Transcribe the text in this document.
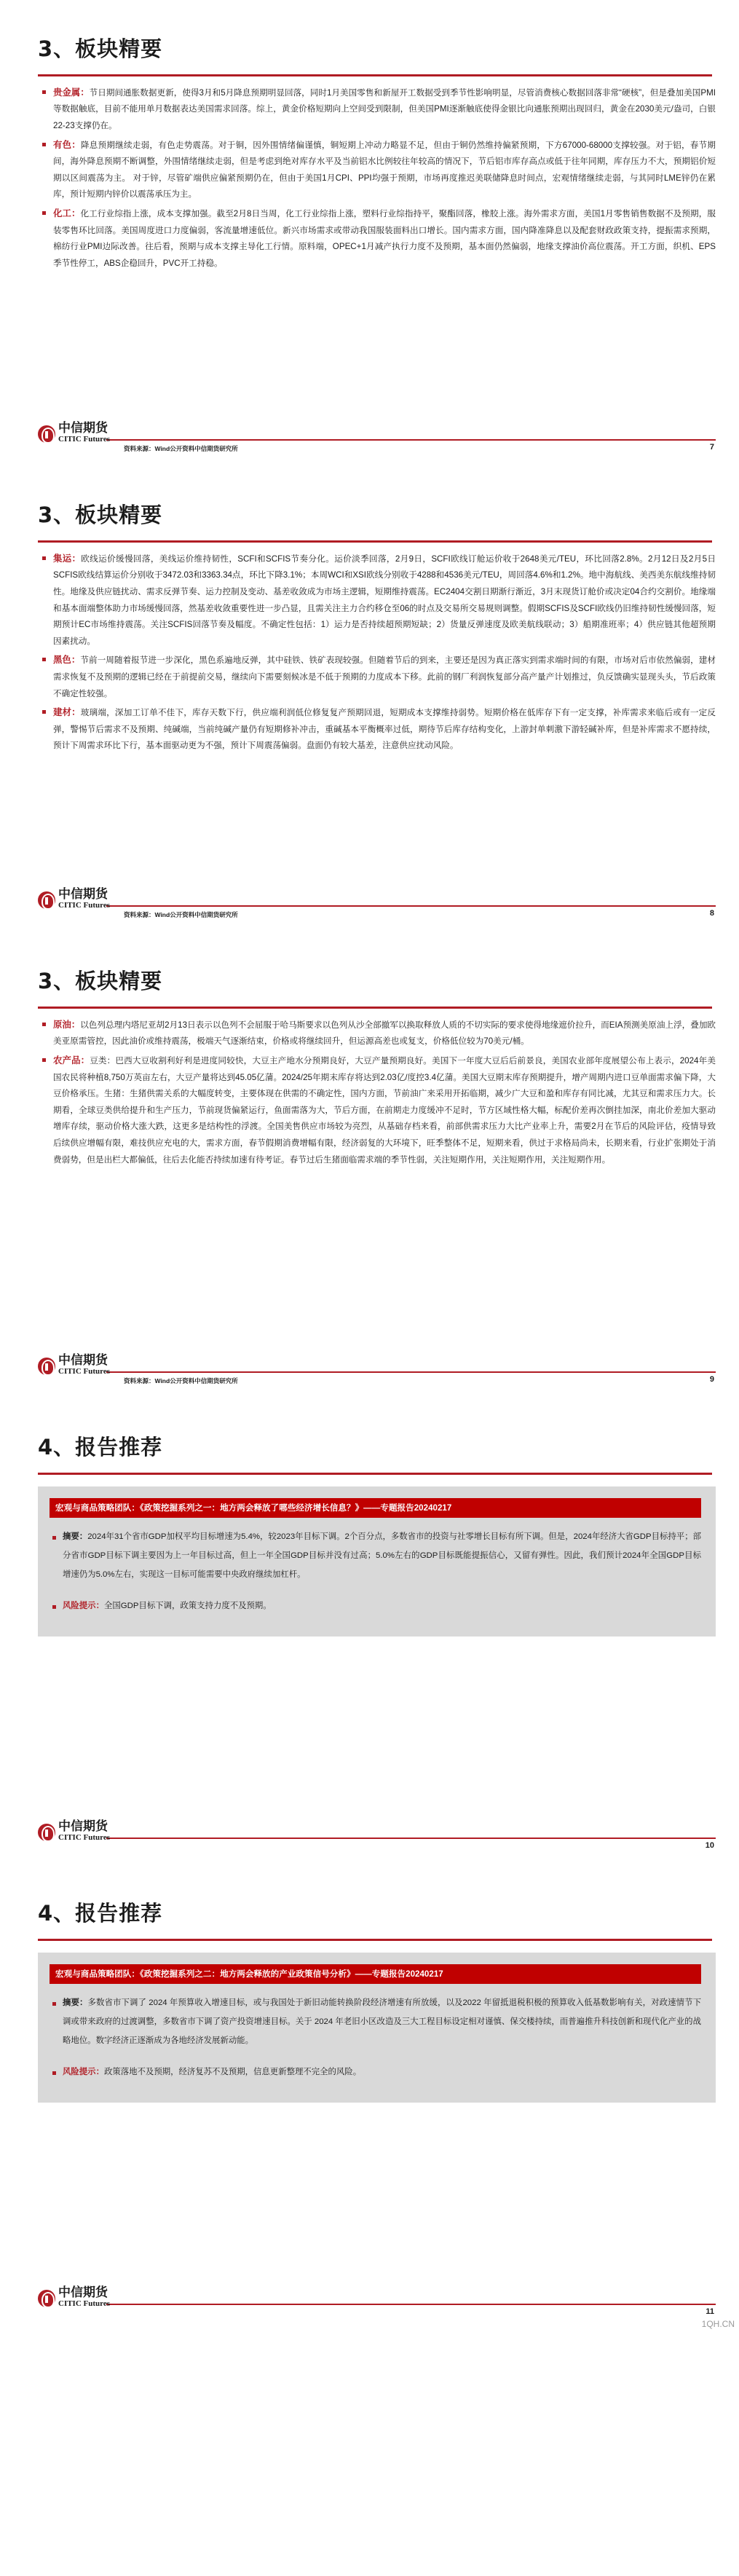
3、板块精要
贵金属：节日期间通胀数据更新，使得3月和5月降息预期明显回落，同时1月美国零售和新屋开工数据受到季节性影响明显，尽管消费核心数据回落非常“硬核”，但是叠加美国PMI等数据触底，目前不能用单月数据表达美国需求回落。综上，黄金价格短期向上空间受到限制，但美国PMI逐渐触底使得金银比向通胀预期出现回归，黄金在2030美元/盎司，白银22-23支撑仍在。
有色：降息预期继续走弱，有色走势震荡。对于铜，因外围情绪偏谨慎，铜短期上冲动力略显不足，但由于铜仍然维持偏紧预期，下方67000-68000支撑较强。对于铝，春节期间，海外降息预期不断调整，外围情绪继续走弱，但是考虑到绝对库存水平及当前铝水比例较往年较高的情况下，节后铝市库存高点或低于往年同期，库存压力不大，预期铝价短期以区间震荡为主。 对于锌，尽管矿端供应偏紧预期仍在，但由于美国1月CPI、PPI均强于预期，市场再度推迟美联储降息时间点，宏观情绪继续走弱，与其同时LME锌仍在累库，预计短期内锌价以震荡承压为主。
化工：化工行业综指上涨，成本支撑加强。截至2月8日当周，化工行业综指上涨，塑料行业综指持平，聚酯回落，橡胶上涨。海外需求方面，美国1月零售销售数据不及预期，服装零售环比回落。美国周度进口力度偏弱，客流量增速低位。新兴市场需求或带动我国服装面料出口增长。国内需求方面，国内降准降息以及配套财政政策支持，提振需求预期，棉纺行业PMI边际改善。往后看，预期与成本支撑主导化工行情。原料端，OPEC+1月减产执行力度不及预期，基本面仍然偏弱，地缘支撑油价高位震荡。开工方面，织机、EPS季节性停工，ABS企稳回升，PVC开工持稳。
中信期货
CITIC Futures
资料来源：Wind公开资料中信期货研究所	7
3、板块精要
集运：欧线运价缓慢回落，美线运价维持韧性，SCFI和SCFIS节奏分化。运价淡季回落，2月9日，SCFI欧线订舱运价收于2648美元/TEU，环比回落2.8%。2月12日及2月5日SCFIS欧线结算运价分别收于3472.03和3363.34点，环比下降3.1%；本周WCI和XSI欧线分别收于4288和4536美元/TEU，周回落4.6%和1.2%。地中海航线、美西美东航线维持韧性。地缘及供应链扰动、需求反弹节奏、运力控制及变动、基差收敛成为市场主逻辑，短期维持震荡。EC2404交割日期渐行渐近，3月末现货订舱价或决定04合约交割价。地缘端和基本面端整体助力市场缓慢回落，然基差收敛重要性进一步凸显，且需关注主力合约移仓至06的时点及交易所交易规则调整。假期SCFIS及SCFI欧线仍旧维持韧性缓慢回落，短期预计EC市场维持震荡。关注SCFIS回落节奏及幅度。不确定性包括：1）运力是否持续超预期短缺；2）货量反弹速度及欧美航线联动；3）船期准班率；4）供应链其他超预期因素扰动。
黑色：节前一周随着报节进一步深化，黑色系遍地反弹，其中硅铁、铁矿表现较强。但随着节后的到来，主要还是因为真正落实到需求端时间的有限，市场对后市依然偏弱，建材需求恢复不及预期的逻辑已经在于前提前交易，继续向下需要刻候冰是不低于预期的力度成本下移。此前的钢厂利润恢复部分高产量产计划推过，负反馈确实显现头头，节后政策不确定性较强。
建材：玻璃端，深加工订单不佳下，库存天数下行，供应端利润低位修复复产预期回退，短期成本支撑维持弱势。短期价格在低库存下有一定支撑，补库需求来临后或有一定反弹，警惕节后需求不及预期、纯碱端，当前纯碱产量仍有短期修补冲击，重碱基本平衡概率过低，期待节后库存结构变化，上游封单刺激下游轻碱补库，但是补库需求不愿持续，预计下周需求环比下行，基本面驱动更为不强，预计下周震荡偏弱。盘面仍有较大基差，注意供应扰动风险。
中信期货
CITIC Futures
资料来源：Wind公开资料中信期货研究所	8
3、板块精要
原油：以色列总理内塔尼亚胡2月13日表示以色列不会屈服于哈马斯要求以色列从沙全部撤军以换取释放人质的不切实际的要求使得地缘遮价拉升，而EIA预测美原油上浮，叠加欧美亚原需管控，因此油价或维持震荡，极端天气逐渐结束，价格或将继续回升，但运源高差也或复支，价格低位较为70美元/桶。
农产品：豆类：巴西大豆收割利好利是进度同较快，大豆主产地水分预期良好，大豆产量预期良好。美国下一年度大豆后后前景良，美国农业部年度展望公布上表示，2024年美国农民将种植8,750万英亩左右，大豆产量将达到45.05亿蒲。2024/25年期末库存将达到2.03亿/度控3.4亿蒲。美国大豆期末库存预期提升，增产周期内进口豆单面需求偏下降，大豆价格承压。生猪：生猪供需关系的大幅度转变，主要体现在供需的不确定性，国内方面，节前油广来采用开拓临期，减少广大豆和盈和库存有同比减，尤其豆和需求压力大。长期看，全球豆类供给提升和生产压力，节前现货偏紧运行，鱼面需落为大，节后方面，在前期走力度缓冲不足时，节方区域性格大幅，标配价差再次倒挂加深，南北价差加大驱动增库存续，驱动价格大涨大跌，这更多是结构性的浮渡。全国美售供应市场较为亮烈，从基础存档来看，前部供需求压力大比产业率上升，需要2月在节后的风险评估，疫情导致后续供应增幅有限，难技供应充电的大，需求方面，春节假期消费增幅有限，经济弱复的大环境下，旺季整体不足，短期来看，供过于求格局尚未，长期来看，行业扩张期处于消费弱势，但是出栏大都偏低，往后去化能否持续加速有待考证。春节过后生猪面临需求端的季节性弱，关注短期作用，关注短期作用，关注短期作用。
中信期货
CITIC Futures
资料来源：Wind公开资料中信期货研究所	9
4、报告推荐
宏观与商品策略团队：《政策挖掘系列之一：地方两会释放了哪些经济增长信息？》——专题报告20240217
摘要：2024年31个省市GDP加权平均目标增速为5.4%，较2023年目标下调。2个百分点，多数省市的投资与社零增长目标有所下调。但是，2024年经济大省GDP目标持平；部分省市GDP目标下调主要因为上一年目标过高，但上一年全国GDP目标并没有过高；5.0%左右的GDP目标既能提振信心，又留有弹性。因此，我们预计2024年全国GDP目标增速仍为5.0%左右，实现这一目标可能需要中央政府继续加杠杆。
风险提示：全国GDP目标下调，政策支持力度不及预期。
中信期货
CITIC Futures
10
4、报告推荐
宏观与商品策略团队：《政策挖掘系列之二：地方两会释放的产业政策信号分析》——专题报告20240217
摘要：多数省市下调了 2024 年预算收入增速目标，或与我国处于新旧动能转换阶段经济增速有所放缓，以及2022 年留抵退税积极的预算收入低基数影响有关，对政速情节下调或带来政府的过渡调整，多数省市下调了资产投资增速目标。关于 2024 年老旧小区改造及三大工程目标设定相对谨慎、保交楼持续，而普遍推升科技创新和现代化产业的战略地位。数字经济正逐渐成为各地经济发展新动能。
风险提示：政策落地不及预期，经济复苏不及预期，信息更新整理不完全的风险。
中信期货
CITIC Futures
11
1QH.CN
